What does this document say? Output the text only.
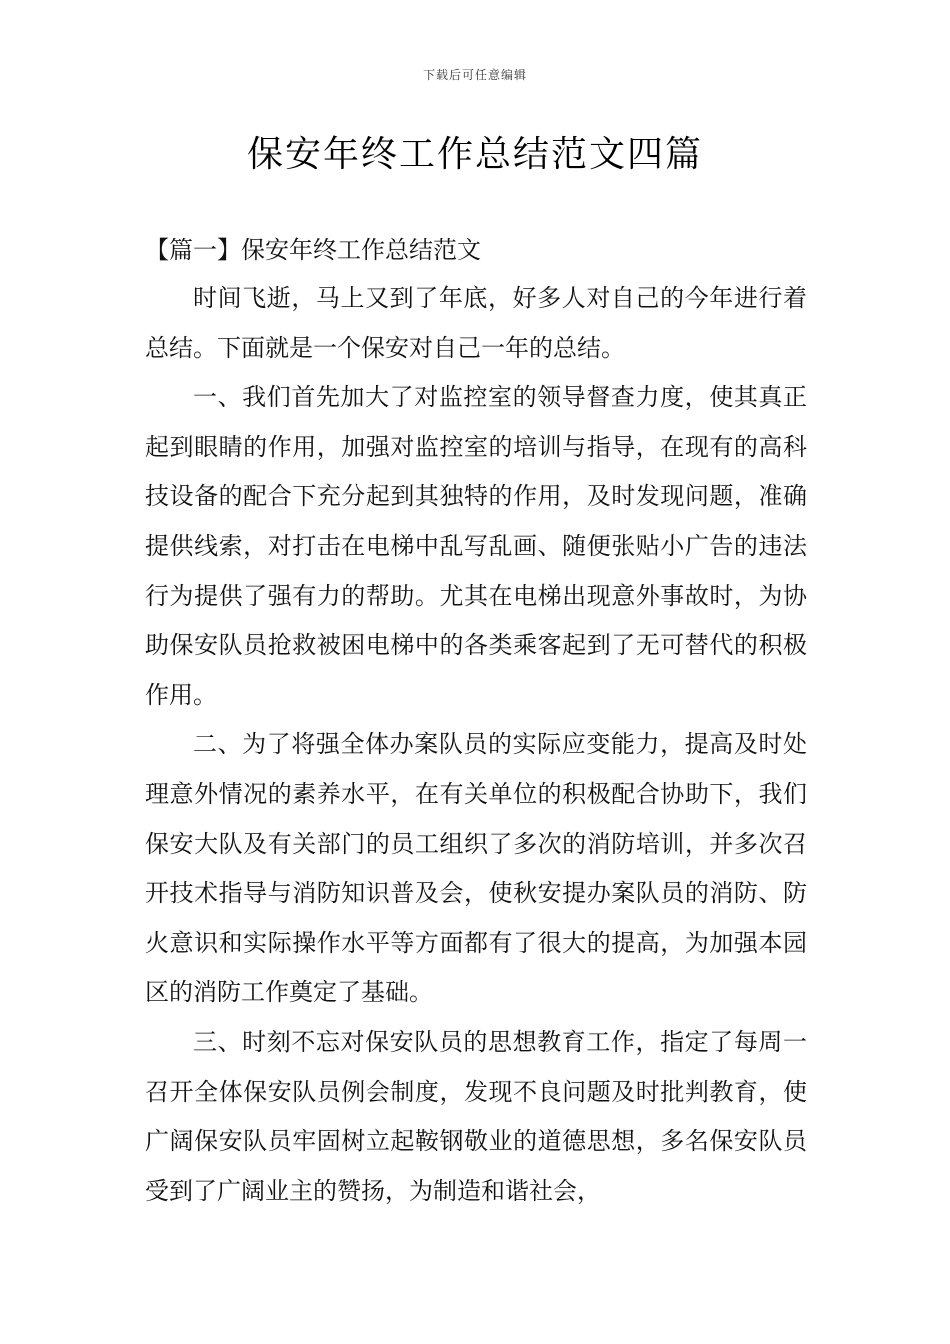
下载后可任意编辑
保安年终工作总结范文四篇
【篇一】保安年终工作总结范文

时间飞逝，马上又到了年底，好多人对自己的今年进行着总结。下面就是一个保安对自己一年的总结。

一、我们首先加大了对监控室的领导督查力度，使其真正起到眼睛的作用，加强对监控室的培训与指导，在现有的高科技设备的配合下充分起到其独特的作用，及时发现问题，准确提供线索，对打击在电梯中乱写乱画、随便张贴小广告的违法行为提供了强有力的帮助。尤其在电梯出现意外事故时，为协助保安队员抢救被困电梯中的各类乘客起到了无可替代的积极作用。

二、为了将强全体办案队员的实际应变能力，提高及时处理意外情况的素养水平，在有关单位的积极配合协助下，我们保安大队及有关部门的员工组织了多次的消防培训，并多次召开技术指导与消防知识普及会，使秋安提办案队员的消防、防火意识和实际操作水平等方面都有了很大的提高，为加强本园区的消防工作奠定了基础。

三、时刻不忘对保安队员的思想教育工作，指定了每周一召开全体保安队员例会制度，发现不良问题及时批判教育，使广阔保安队员牢固树立起鞍钢敬业的道德思想，多名保安队员受到了广阔业主的赞扬，为制造和谐社会，
